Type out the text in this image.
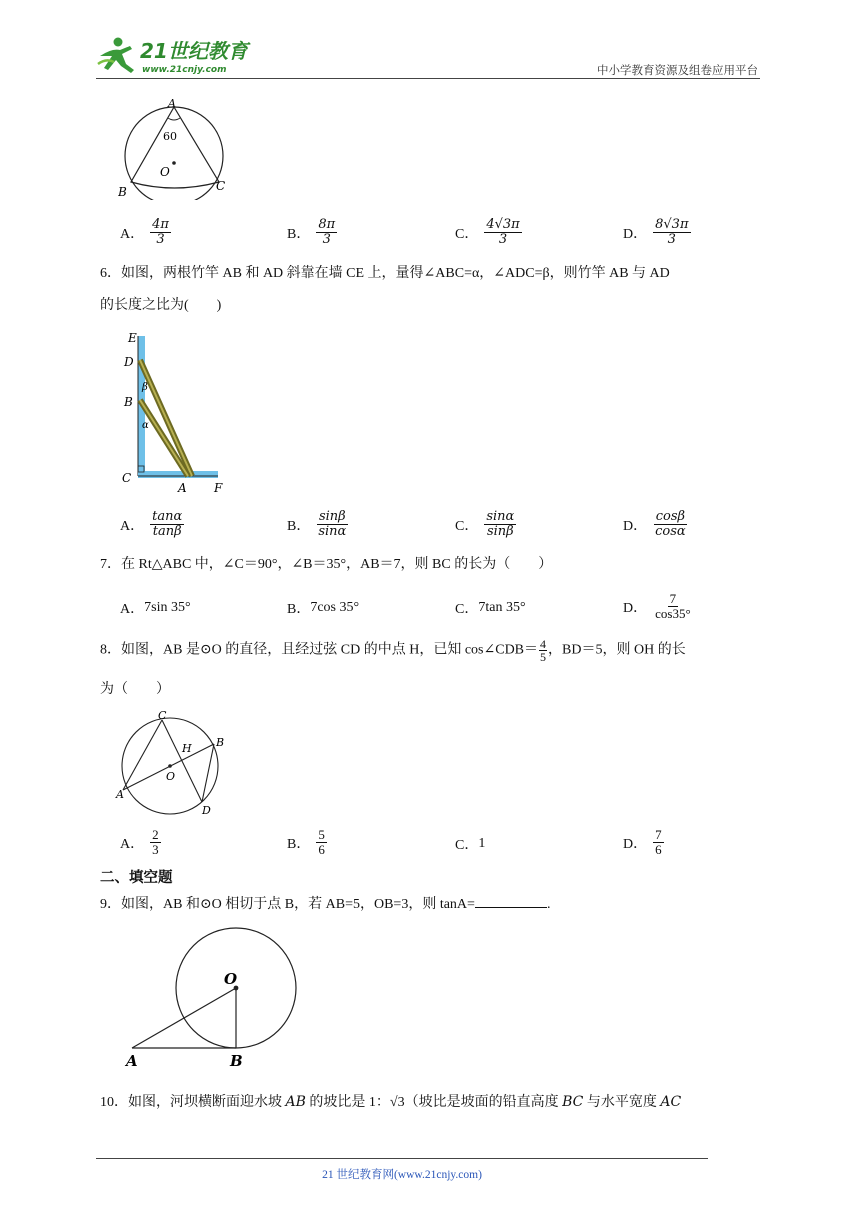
21世纪教育
www.21cnjy.com	中小学教育资源及组卷应用平台
A
60
O
B	C
A． $\frac{4\pi}{3}$	B． $\frac{8\pi}{3}$	C． $\frac{4√3\pi}{3}$	D． $\frac{8√3\pi}{3}$
6．如图，两根竹竿 AB 和 AD 斜靠在墙 CE 上，量得∠ABC=α，∠ADC=β，则竹竿 AB 与 AD
的长度之比为(　　)
E
D
β
B
α
C
A F
A． $\frac{\tan\alpha}{\tan\beta}$	B． $\frac{\sin\beta}{\sin\alpha}$	C． $\frac{\sin\alpha}{\sin\beta}$	D． $\frac{\cos\beta}{\cos\alpha}$
7．在 Rt△ABC 中，∠C＝90°，∠B＝35°，AB＝7，则 BC 的长为（　　）
A． 7sin 35°	B． 7cos 35°	C． 7tan 35°	D． $\frac{7}{\cos 35^\circ}$
8．如图，AB 是⊙O 的直径，且经过弦 CD 的中点 H，已知 cos∠CDB＝ $\frac{4}{5}$ ，BD＝5，则 OH 的长
为（　　）
C
H B
O
A
D
A． $\frac{2}{3}$	B． $\frac{5}{6}$	C． 1	D． $\frac{7}{6}$
二、填空题
9．如图，AB 和⊙O 相切于点 B，若 AB=5，OB=3，则 tanA=	.
O
A	B
10．如图，河坝横断面迎水坡 AB 的坡比是 1：√3（坡比是坡面的铅直高度 BC 与水平宽度 AC
21 世纪教育网(www.21cnjy.com)
